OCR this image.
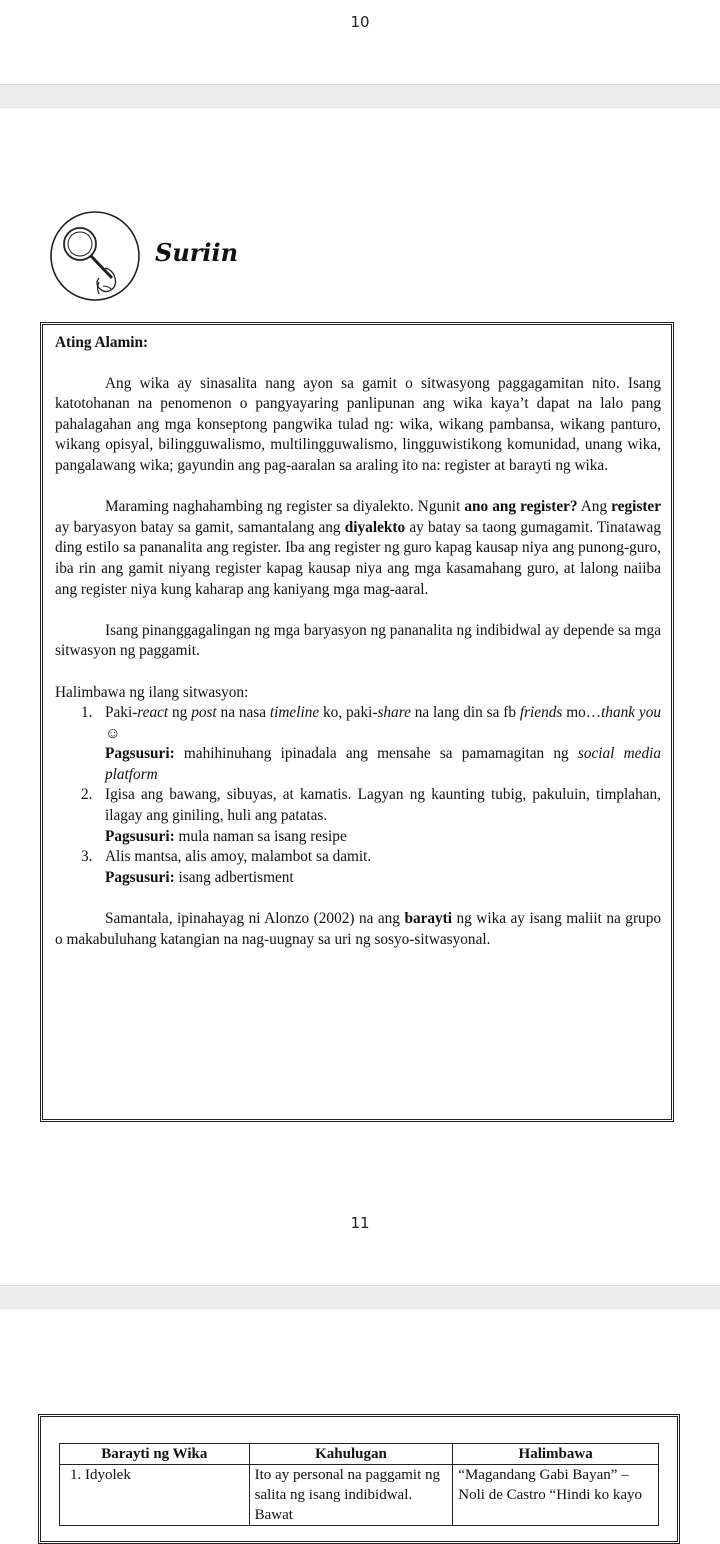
10
Suriin

Ating Alamin:

Ang wika ay sinasalita nang ayon sa gamit o sitwasyong paggagamitan nito. Isang katotohanan na penomenon o pangyayaring panlipunan ang wika kaya’t dapat na lalo pang pahalagahan ang mga konseptong pangwika tulad ng: wika, wikang pambansa, wikang panturo, wikang opisyal, bilingguwalismo, multilingguwalismo, lingguwistikong komunidad, unang wika, pangalawang wika; gayundin ang pag-aaralan sa araling ito na: register at barayti ng wika.

Maraming naghahambing ng register sa diyalekto. Ngunit ano ang register? Ang register ay baryasyon batay sa gamit, samantalang ang diyalekto ay batay sa taong gumagamit. Tinatawag ding estilo sa pananalita ang register. Iba ang register ng guro kapag kausap niya ang punong-guro, iba rin ang gamit niyang register kapag kausap niya ang mga kasamahang guro, at lalong naiiba ang register niya kung kaharap ang kaniyang mga mag-aaral.

Isang pinanggagalingan ng mga baryasyon ng pananalita ng indibidwal ay depende sa mga sitwasyon ng paggamit.

Halimbawa ng ilang sitwasyon:

1. Paki-react ng post na nasa timeline ko, paki-share na lang din sa fb friends mo…thank you ☺
Pagsusuri: mahihinuhang ipinadala ang mensahe sa pamamagitan ng social media platform
2. Igisa ang bawang, sibuyas, at kamatis. Lagyan ng kaunting tubig, pakuluin, timplahan, ilagay ang giniling, huli ang patatas.
Pagsusuri: mula naman sa isang resipe
3. Alis mantsa, alis amoy, malambot sa damit.
Pagsusuri: isang adbertisment

Samantala, ipinahayag ni Alonzo (2002) na ang barayti ng wika ay isang maliit na grupo o makabuluhang katangian na nag-uugnay sa uri ng sosyo-sitwasyonal.

11
Barayti ng Wika	Kahulugan	Halimbawa
1. Idyolek	Ito ay personal na paggamit ng salita ng isang indibidwal. Bawat	“Magandang Gabi Bayan” – Noli de Castro “Hindi ko kayo
